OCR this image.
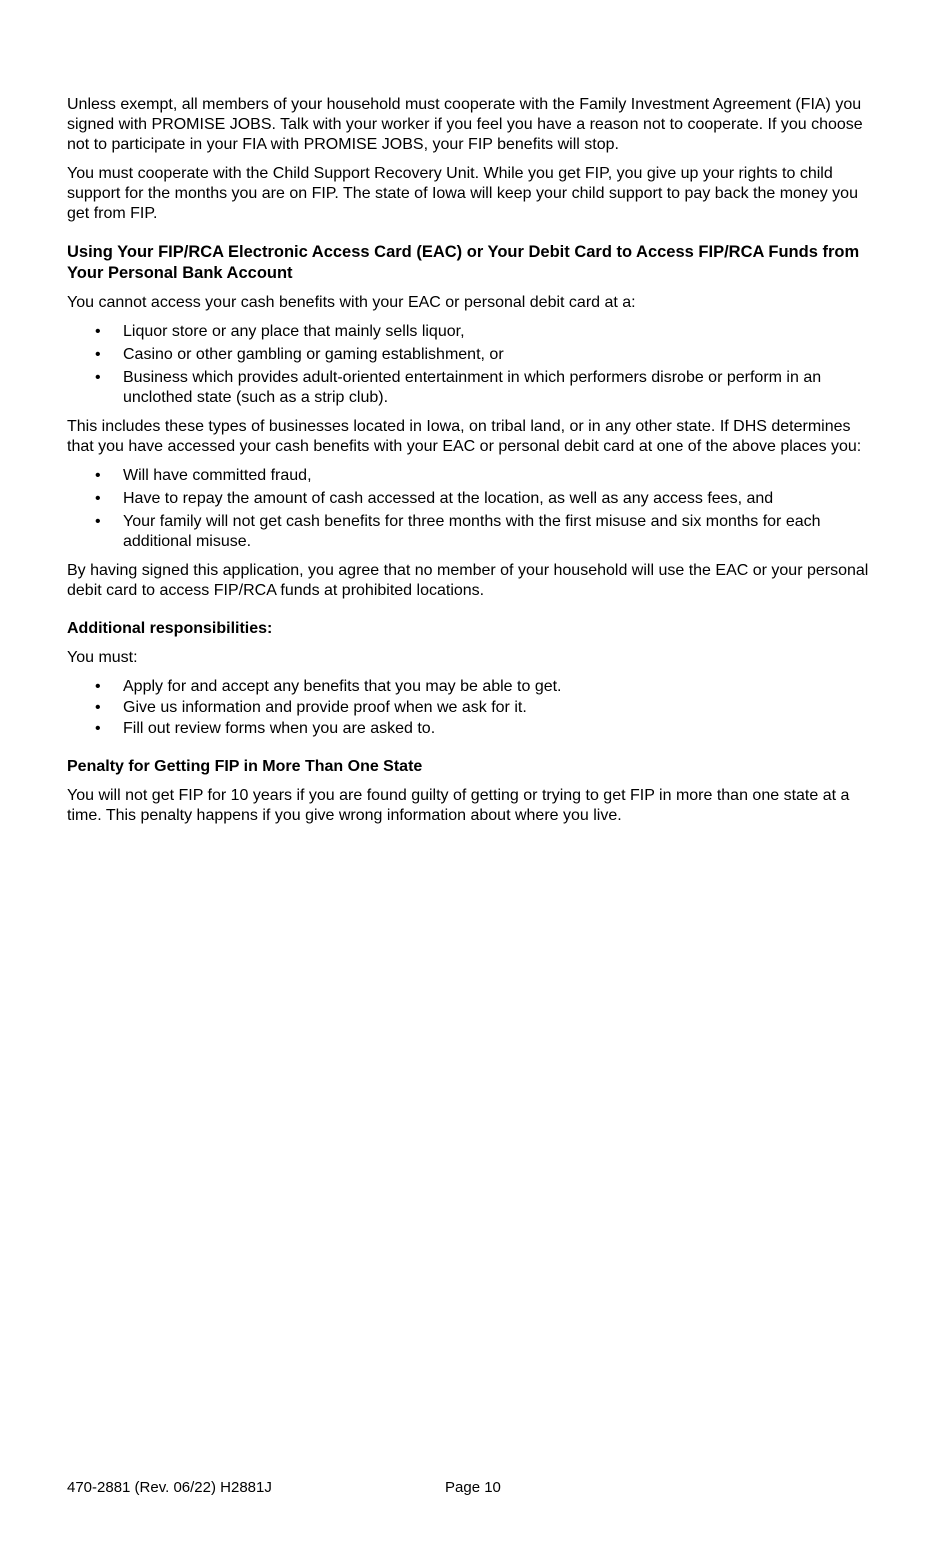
Unless exempt, all members of your household must cooperate with the Family Investment Agreement (FIA) you signed with PROMISE JOBS. Talk with your worker if you feel you have a reason not to cooperate. If you choose not to participate in your FIA with PROMISE JOBS, your FIP benefits will stop.

You must cooperate with the Child Support Recovery Unit. While you get FIP, you give up your rights to child support for the months you are on FIP. The state of Iowa will keep your child support to pay back the money you get from FIP.

Using Your FIP/RCA Electronic Access Card (EAC) or Your Debit Card to Access FIP/RCA Funds from Your Personal Bank Account

You cannot access your cash benefits with your EAC or personal debit card at a:

• Liquor store or any place that mainly sells liquor,
• Casino or other gambling or gaming establishment, or
• Business which provides adult-oriented entertainment in which performers disrobe or perform in an unclothed state (such as a strip club).

This includes these types of businesses located in Iowa, on tribal land, or in any other state. If DHS determines that you have accessed your cash benefits with your EAC or personal debit card at one of the above places you:

• Will have committed fraud,
• Have to repay the amount of cash accessed at the location, as well as any access fees, and
• Your family will not get cash benefits for three months with the first misuse and six months for each additional misuse.

By having signed this application, you agree that no member of your household will use the EAC or your personal debit card to access FIP/RCA funds at prohibited locations.

Additional responsibilities:

You must:

• Apply for and accept any benefits that you may be able to get.
• Give us information and provide proof when we ask for it.
• Fill out review forms when you are asked to.
Penalty for Getting FIP in More Than One State

You will not get FIP for 10 years if you are found guilty of getting or trying to get FIP in more than one state at a time. This penalty happens if you give wrong information about where you live.

470-2881 (Rev. 06/22) H2881J	Page 10
